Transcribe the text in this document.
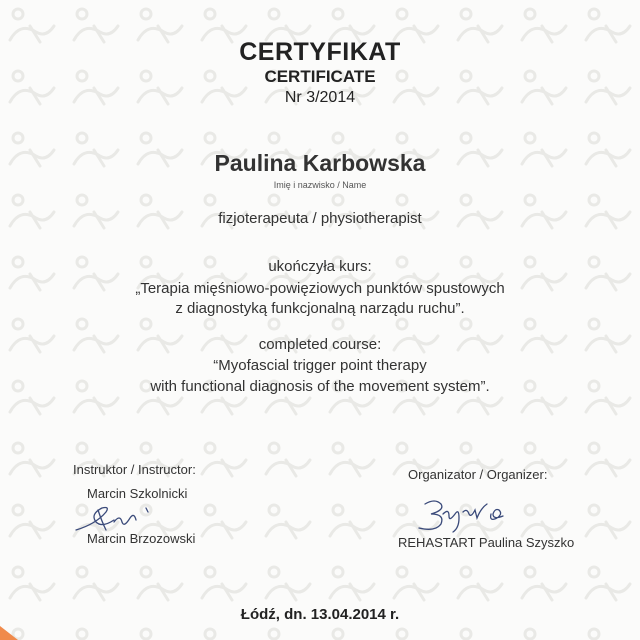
CERTYFIKAT
CERTIFICATE
Nr 3/2014
Paulina Karbowska
Imię i nazwisko / Name
fizjoterapeuta / physiotherapist
ukończyła kurs:
„Terapia mięśniowo-powięziowych punktów spustowych
z diagnostyką funkcjonalną narządu ruchu”.
completed course:
“Myofascial trigger point therapy
with functional diagnosis of the movement system”.
Instruktor / Instructor:
Marcin Szkolnicki
Marcin Brzozowski
Organizator / Organizer:
REHASTART Paulina Szyszko
Łódź, dn. 13.04.2014 r.
